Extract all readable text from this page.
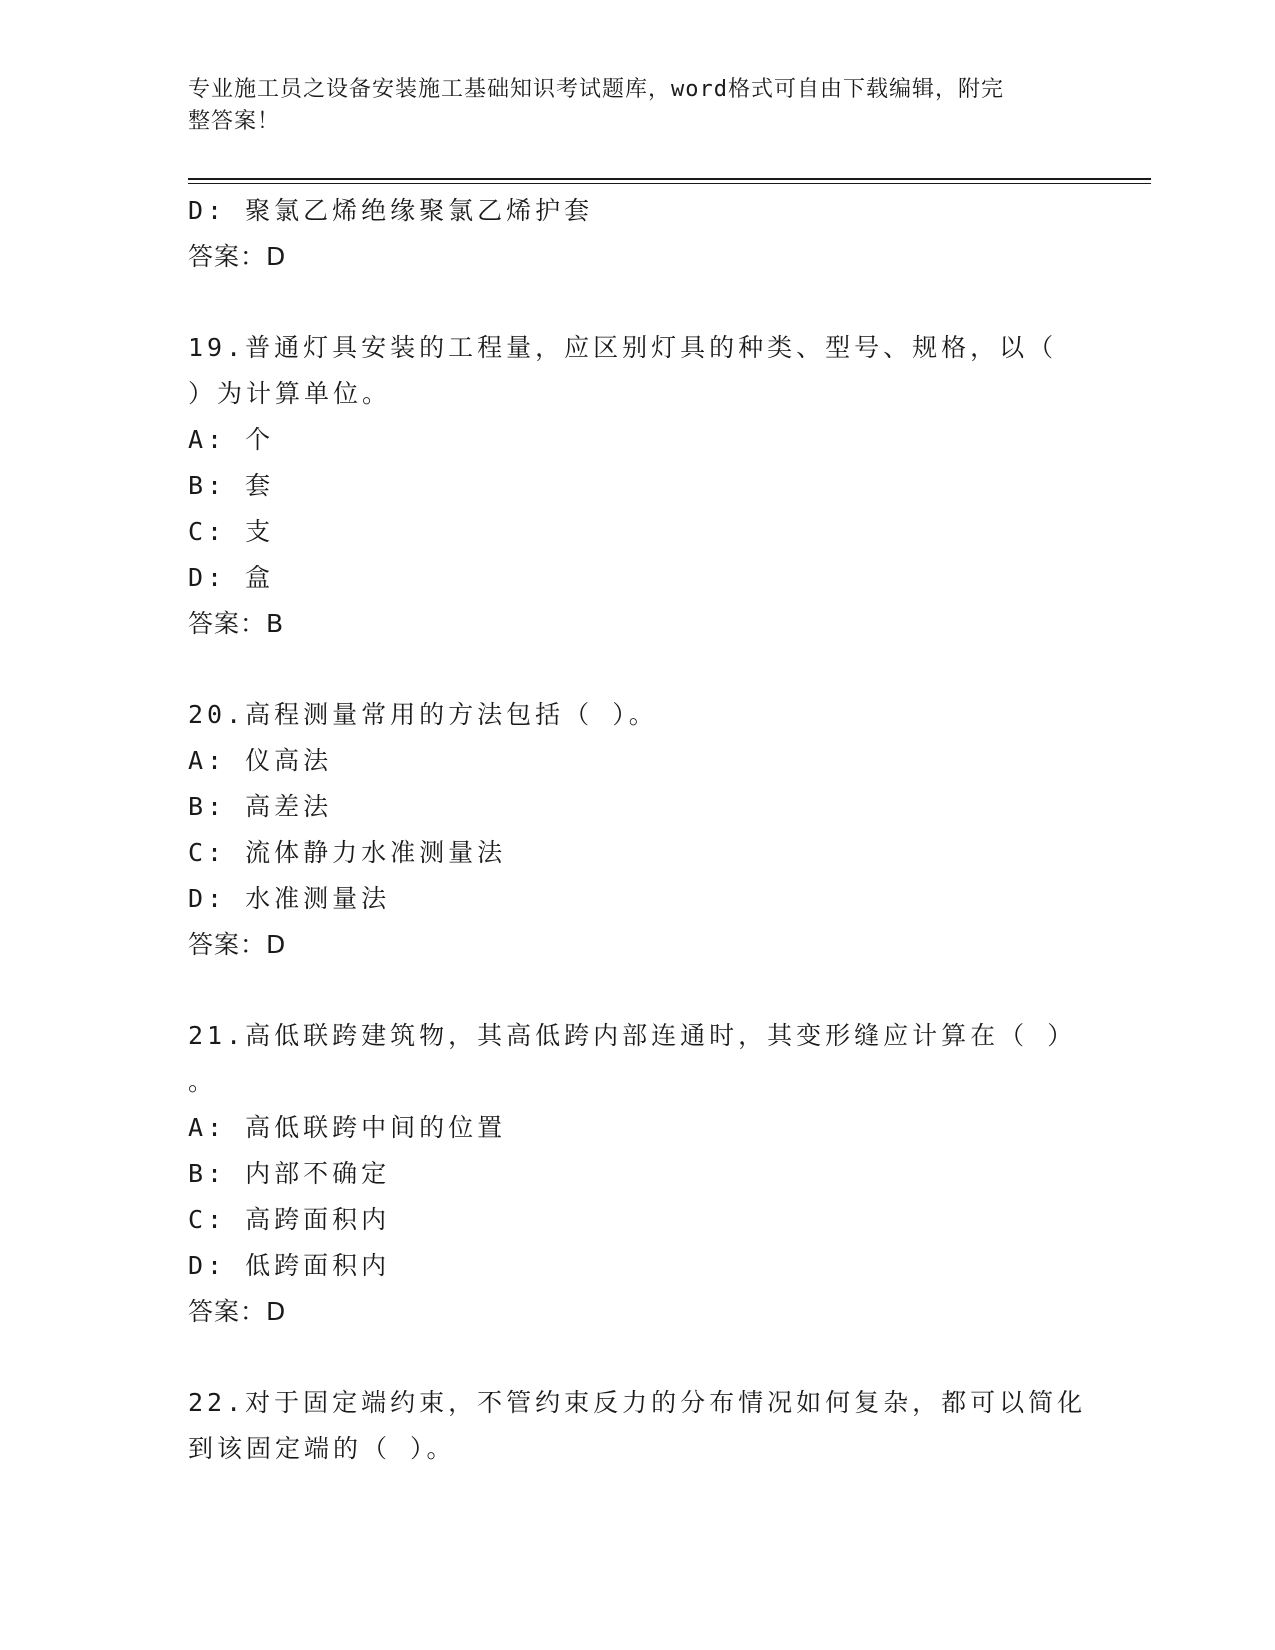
专业施工员之设备安装施工基础知识考试题库，word格式可自由下载编辑，附完
整答案！
D: 聚氯乙烯绝缘聚氯乙烯护套
答案：D
19.普通灯具安装的工程量，应区别灯具的种类、型号、规格，以（
）为计算单位。
A: 个
B: 套
C: 支
D: 盒
答案：B
20.高程测量常用的方法包括（ ）。
A: 仪高法
B: 高差法
C: 流体静力水准测量法
D: 水准测量法
答案：D
21.高低联跨建筑物，其高低跨内部连通时，其变形缝应计算在（ ）
。
A: 高低联跨中间的位置
B: 内部不确定
C: 高跨面积内
D: 低跨面积内
答案：D
22.对于固定端约束，不管约束反力的分布情况如何复杂，都可以简化
到该固定端的（ ）。
